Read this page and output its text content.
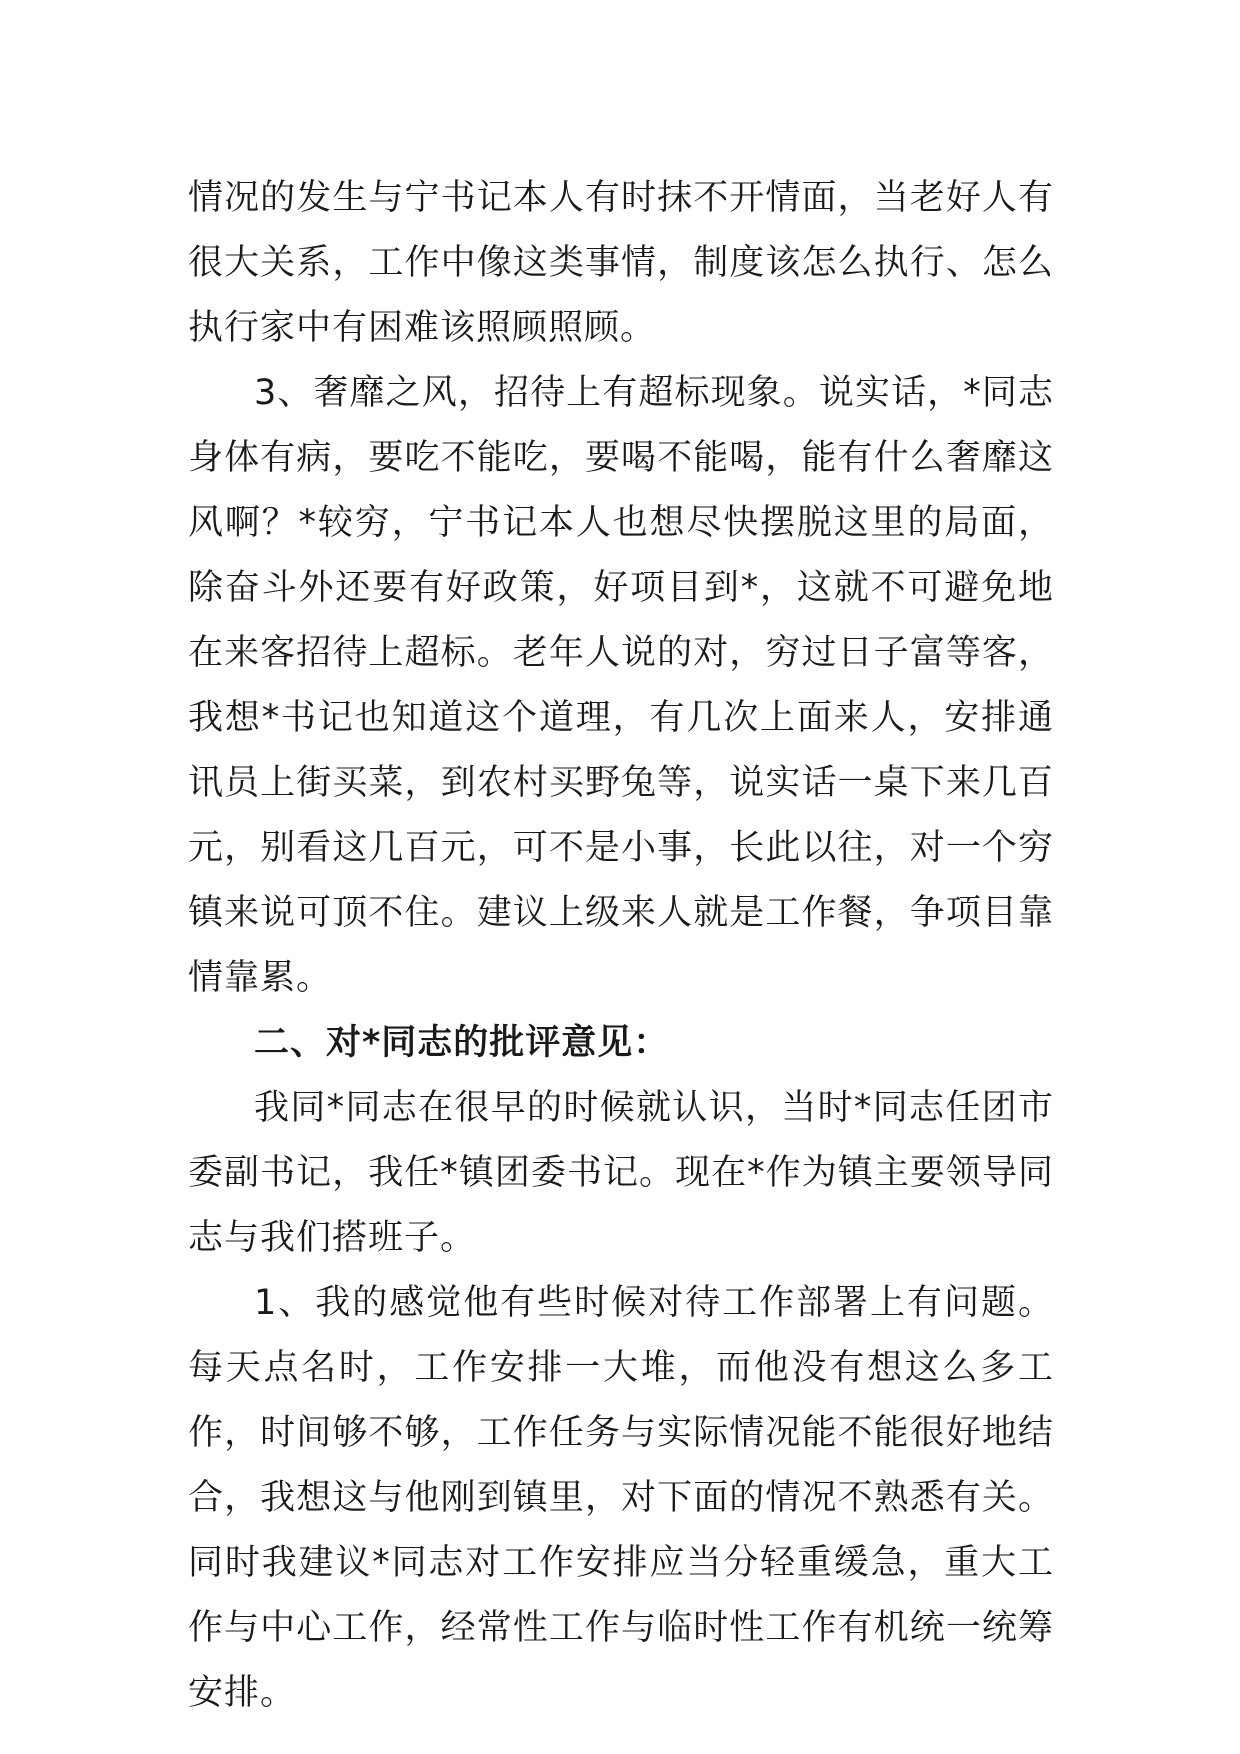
情况的发生与宁书记本人有时抹不开情面，当老好人有很大关系，工作中像这类事情，制度该怎么执行、怎么执行家中有困难该照顾照顾。

3、奢靡之风，招待上有超标现象。说实话，*同志身体有病，要吃不能吃，要喝不能喝，能有什么奢靡这风啊？*较穷，宁书记本人也想尽快摆脱这里的局面，除奋斗外还要有好政策，好项目到*，这就不可避免地在来客招待上超标。老年人说的对，穷过日子富等客，我想*书记也知道这个道理，有几次上面来人，安排通讯员上街买菜，到农村买野兔等，说实话一桌下来几百元，别看这几百元，可不是小事，长此以往，对一个穷镇来说可顶不住。建议上级来人就是工作餐，争项目靠情靠累。

二、对*同志的批评意见：

我同*同志在很早的时候就认识，当时*同志任团市委副书记，我任*镇团委书记。现在*作为镇主要领导同志与我们搭班子。

1、我的感觉他有些时候对待工作部署上有问题。每天点名时，工作安排一大堆，而他没有想这么多工作，时间够不够，工作任务与实际情况能不能很好地结合，我想这与他刚到镇里，对下面的情况不熟悉有关。同时我建议*同志对工作安排应当分轻重缓急，重大工作与中心工作，经常性工作与临时性工作有机统一统筹安排。
